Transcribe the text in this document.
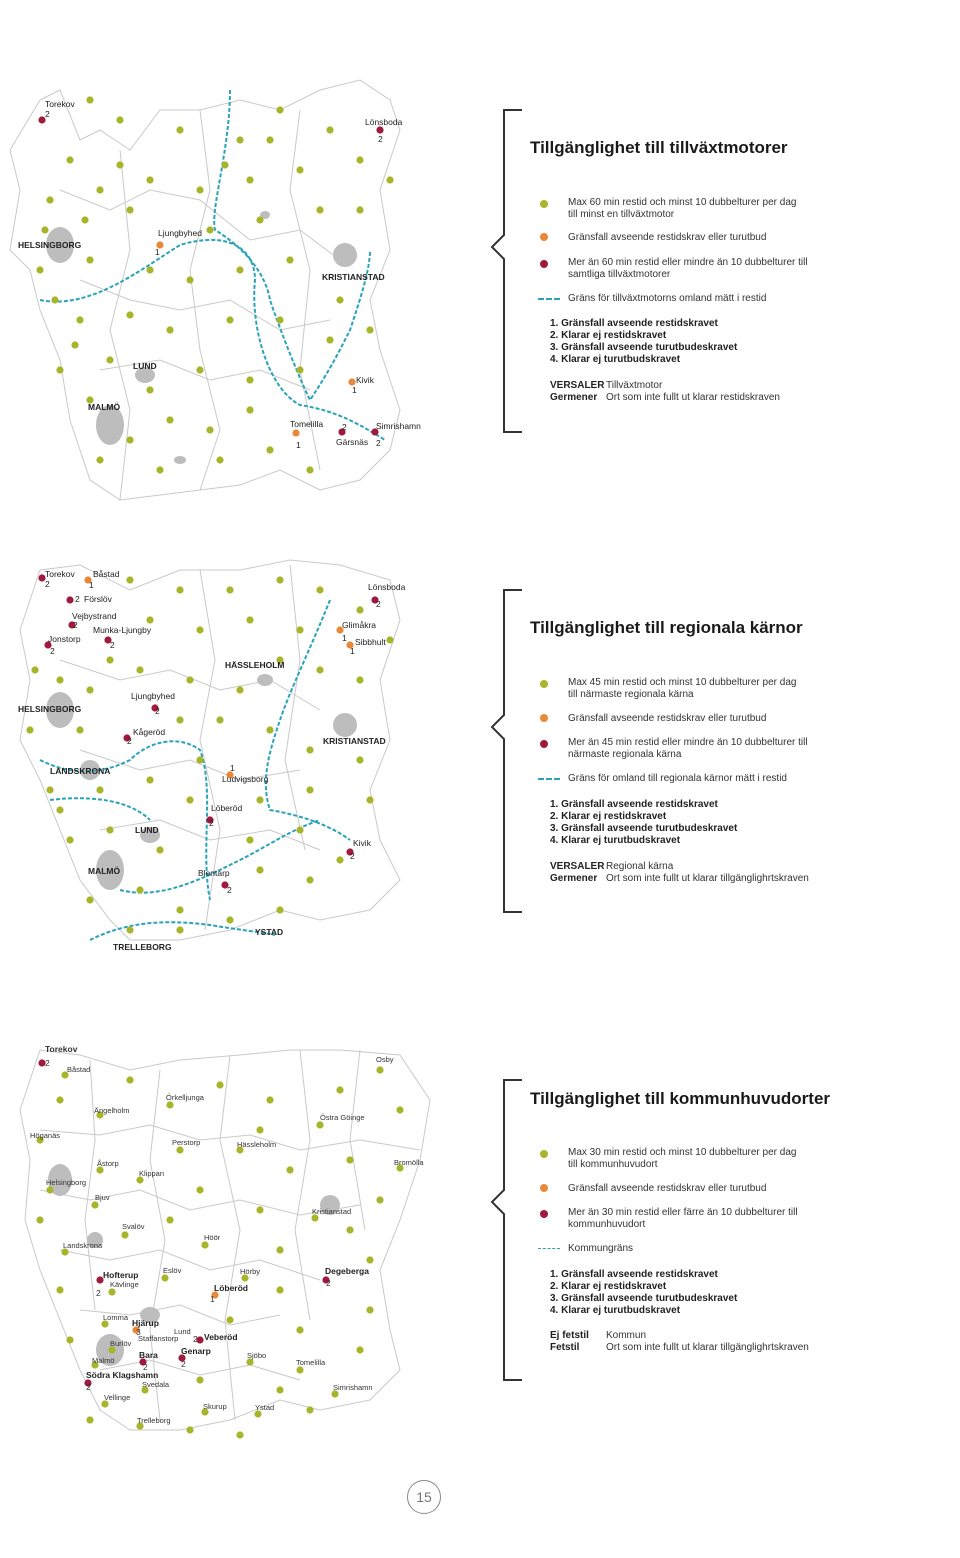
Torekov
2
Lönsboda
2
HELSINGBORG
Ljungbyhed
1
KRISTIANSTAD
LUND
MALMÖ
Kivik
1
Tomelilla
1
2
Gärsnäs
Simrishamn
2
Tillgänglighet till tillväxtmotorer
Max 60 min restid och minst 10 dubbelturer per dag till minst en tillväxtmotor
Gränsfall avseende restidskrav eller turutbud
Mer än 60 min restid eller mindre än 10 dubbelturer till samtliga tillväxtmotorer
Gräns för tillväxtmotorns omland mätt i restid
1. Gränsfall avseende restidskravet
2. Klarar ej restidskravet
3. Gränsfall avseende turutbudeskravet
4. Klarar ej turutbudskravet
VERSALER Tillväxtmotor
Germener Ort som inte fullt ut klarar restidskraven
Torekov
2
Båstad
1
2 Förslöv
Vejbystrand
2
Jonstorp
2
Munka-Ljungby
2
Lönsboda
2
Glimåkra
1 Sibbhult
1
HÄSSLEHOLM
HELSINGBORG
Ljungbyhed
2
Kågeröd
2	KRISTIANSTAD
LANDSKRONA	1
Ludvigsborg
Löberöd
2
LUND
Kivik
2
MALMÖ	Blentarp
2
YSTAD
TRELLEBORG
Tillgänglighet till regionala kärnor
Max 45 min restid och minst 10 dubbelturer per dag till närmaste regionala kärna
Gränsfall avseende restidskrav eller turutbud
Mer än 45 min restid eller mindre än 10 dubbelturer till närmaste regionala kärna
Gräns för omland till regionala kärnor mätt i restid
1. Gränsfall avseende restidskravet
2. Klarar ej restidskravet
3. Gränsfall avseende turutbudeskravet
4. Klarar ej turutbudskravet
VERSALER Regional kärna
Germener Ort som inte fullt ut klarar tillgänglighrtskraven
Torekov
2
Båstad
Osby
Ängelholm
Örkelljunga
Östra Göinge
Höganäs
Perstorp	Hässleholm
Bromölla
Åstorp
Klippan
Helsingborg
Bjuv
Kristianstad
Svalöv
Landskrona
Höör
Eslöv	Hörby	Degeberga
2
Hofterup
Kävlinge
2	Löberöd
1
Lomma
Hjärup
3
Staffanstorp
Lund
2 Veberöd
Burlöv
Genarp
Bara
Malmö	2
2
Sjöbo
Tomelilla
Södra Klagshamn
Svedala
2	Simrishamn
Vellinge
Skurup	Ystad
Trelleborg
Tillgänglighet till kommunhuvudorter
Max 30 min restid och minst 10 dubbelturer per dag till kommunhuvudort
Gränsfall avseende restidskrav eller turutbud
Mer än 30 min restid eller färre än 10 dubbelturer till kommunhuvudort
Kommungräns
1. Gränsfall avseende restidskravet
2. Klarar ej restidskravet
3. Gränsfall avseende turutbudeskravet
4. Klarar ej turutbudskravet
Ej fetstil Kommun
Fetstil	Ort som inte fullt ut klarar tillgänglighrtskraven
15
